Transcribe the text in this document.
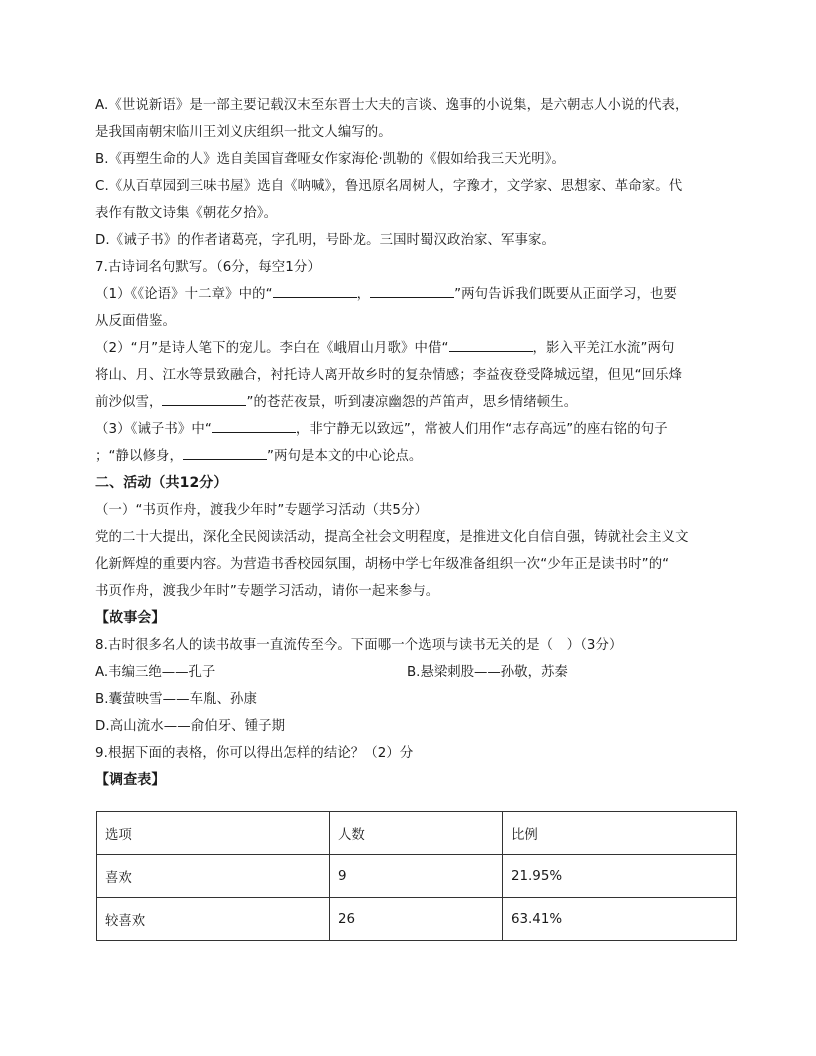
A.《世说新语》是一部主要记载汉末至东晋士大夫的言谈、逸事的小说集，是六朝志人小说的代表，
是我国南朝宋临川王刘义庆组织一批文人编写的。
B.《再塑生命的人》选自美国盲聋哑女作家海伦·凯勒的《假如给我三天光明》。
C.《从百草园到三味书屋》选自《呐喊》，鲁迅原名周树人，字豫才，文学家、思想家、革命家。代
表作有散文诗集《朝花夕拾》。
D.《诫子书》的作者诸葛亮，字孔明，号卧龙。三国时蜀汉政治家、军事家。
7.古诗词名句默写。（6分，每空1分）
（1）《《论语》十二章》中的“	，	”两句告诉我们既要从正面学习，也要
从反面借鉴。
（2）“月”是诗人笔下的宠儿。李白在《峨眉山月歌》中借“	，影入平羌江水流”两句
将山、月、江水等景致融合，衬托诗人离开故乡时的复杂情感；李益夜登受降城远望，但见“回乐烽
前沙似雪，	”的苍茫夜景，听到凄凉幽怨的芦笛声，思乡情绪顿生。
（3）《诫子书》中“	，非宁静无以致远”，常被人们用作“志存高远”的座右铭的句子
；“静以修身，	”两句是本文的中心论点。
二、活动（共12分）
（一）“书页作舟，渡我少年时”专题学习活动（共5分）
党的二十大提出，深化全民阅读活动，提高全社会文明程度，是推进文化自信自强，铸就社会主义文
化新辉煌的重要内容。为营造书香校园氛围，胡杨中学七年级准备组织一次“少年正是读书时”的“
书页作舟，渡我少年时”专题学习活动，请你一起来参与。
【故事会】
8.古时很多名人的读书故事一直流传至今。下面哪一个选项与读书无关的是（　）（3分）
A.韦编三绝——孔子	B.悬梁刺股——孙敬，苏秦
B.囊萤映雪——车胤、孙康
D.高山流水——俞伯牙、锺子期
9.根据下面的表格，你可以得出怎样的结论？（2）分
【调查表】
选项	人数	比例
喜欢	9	21.95%
较喜欢	26	63.41%
